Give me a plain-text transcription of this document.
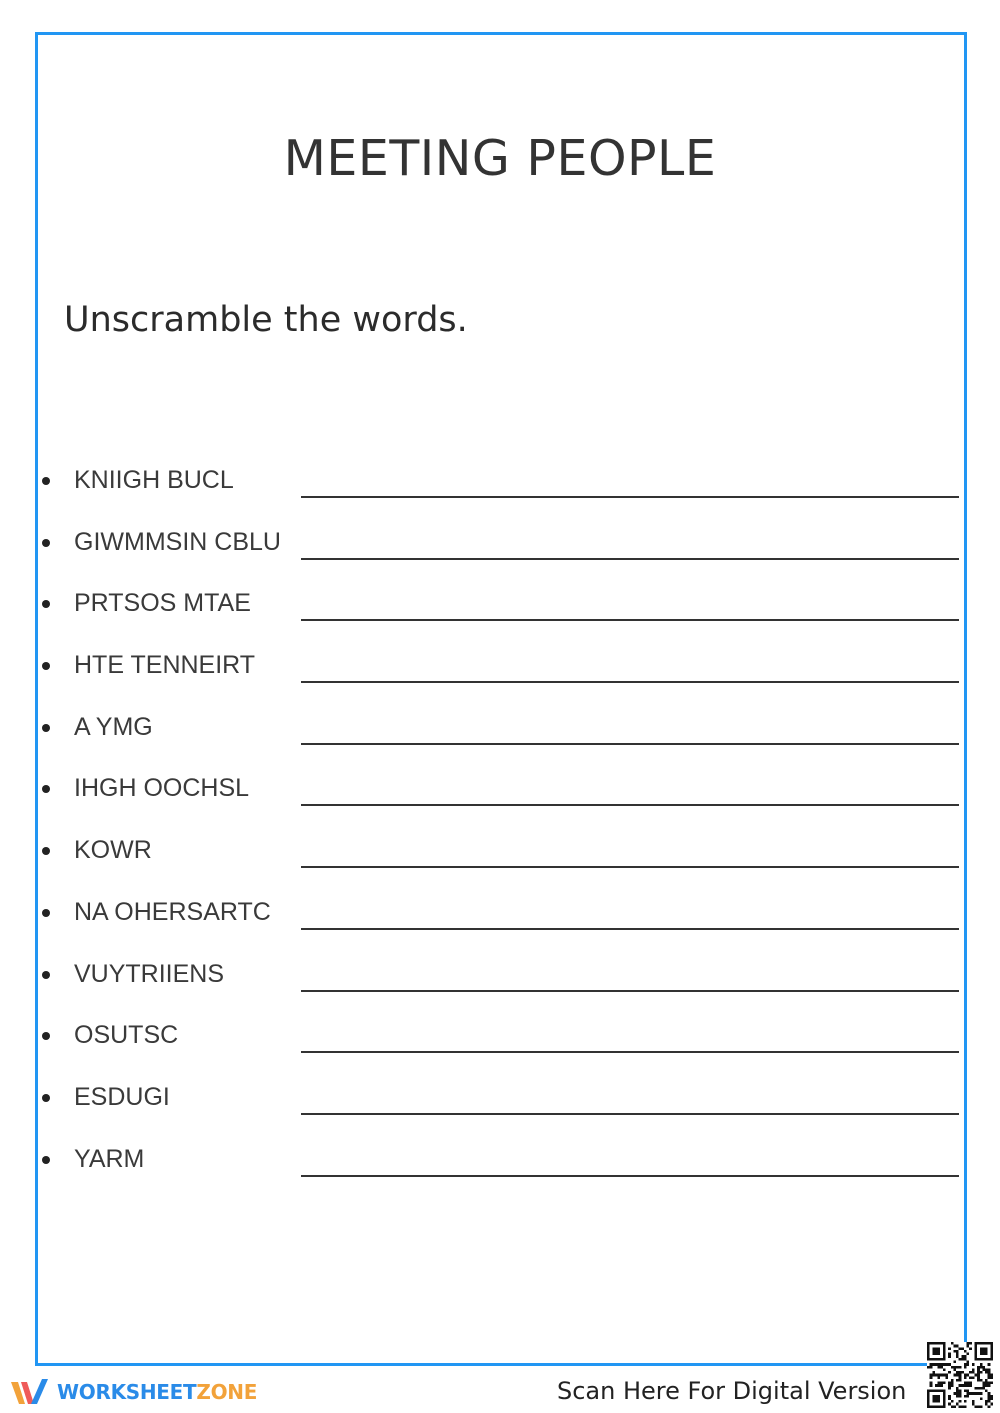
MEETING PEOPLE

Unscramble the words.

KNIIGH BUCL
GIWMMSIN CBLU
PRTSOS MTAE
HTE TENNEIRT
A YMG
IHGH OOCHSL
KOWR
NA OHERSARTC
VUYTRIIENS
OSUTSC
ESDUGI
YARM
WORKSHEETZONE	Scan Here For Digital Version
